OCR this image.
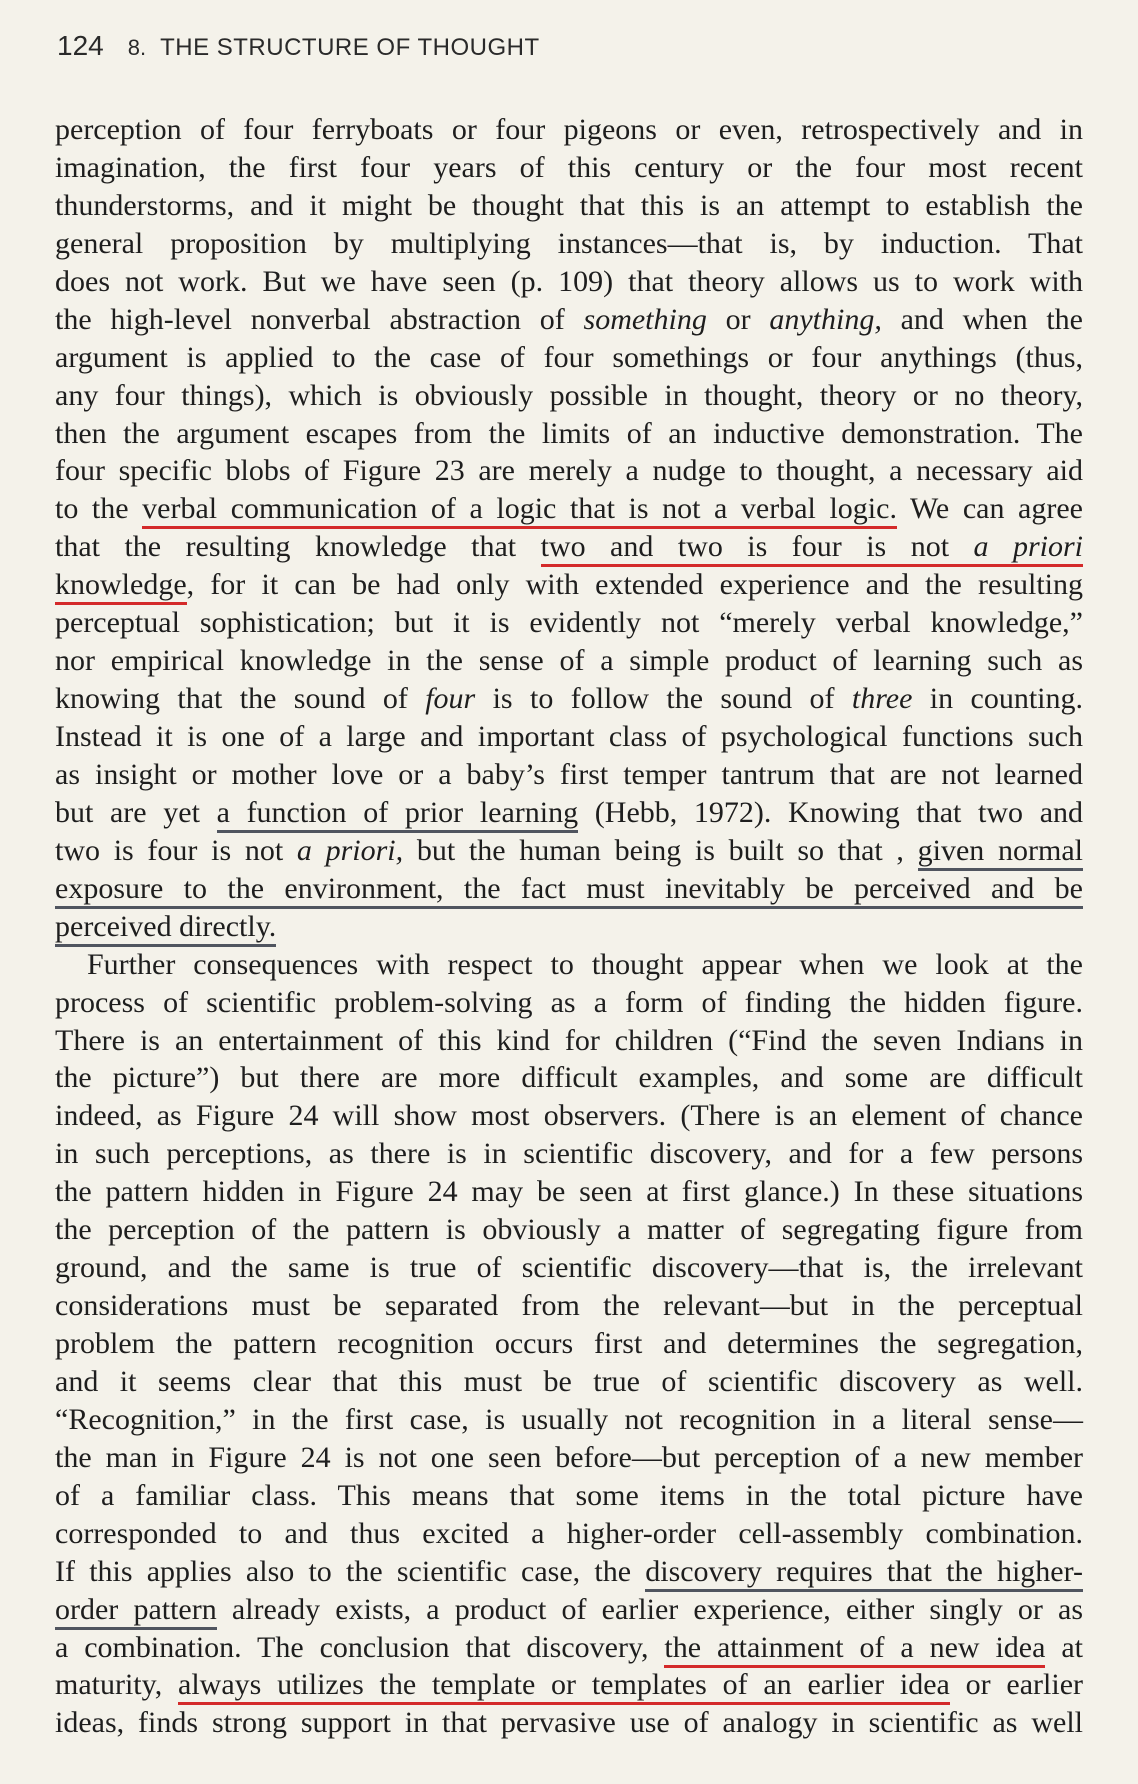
124 8. THE STRUCTURE OF THOUGHT
perception of four ferryboats or four pigeons or even, retrospectively and in
imagination, the first four years of this century or the four most recent
thunderstorms, and it might be thought that this is an attempt to establish the
general proposition by multiplying instances—that is, by induction. That
does not work. But we have seen (p. 109) that theory allows us to work with
the high-level nonverbal abstraction of something or anything, and when the
argument is applied to the case of four somethings or four anythings (thus,
any four things), which is obviously possible in thought, theory or no theory,
then the argument escapes from the limits of an inductive demonstration. The
four specific blobs of Figure 23 are merely a nudge to thought, a necessary aid
to the verbal communication of a logic that is not a verbal logic. We can agree
that the resulting knowledge that two and two is four is not a priori
knowledge, for it can be had only with extended experience and the resulting
perceptual sophistication; but it is evidently not “merely verbal knowledge,”
nor empirical knowledge in the sense of a simple product of learning such as
knowing that the sound of four is to follow the sound of three in counting.
Instead it is one of a large and important class of psychological functions such
as insight or mother love or a baby’s first temper tantrum that are not learned
but are yet a function of prior learning (Hebb, 1972). Knowing that two and
two is four is not a priori, but the human being is built so that , given normal
exposure to the environment, the fact must inevitably be perceived and be
perceived directly.
Further consequences with respect to thought appear when we look at the
process of scientific problem-solving as a form of finding the hidden figure.
There is an entertainment of this kind for children (“Find the seven Indians in
the picture”) but there are more difficult examples, and some are difficult
indeed, as Figure 24 will show most observers. (There is an element of chance
in such perceptions, as there is in scientific discovery, and for a few persons
the pattern hidden in Figure 24 may be seen at first glance.) In these situations
the perception of the pattern is obviously a matter of segregating figure from
ground, and the same is true of scientific discovery—that is, the irrelevant
considerations must be separated from the relevant—but in the perceptual
problem the pattern recognition occurs first and determines the segregation,
and it seems clear that this must be true of scientific discovery as well.
“Recognition,” in the first case, is usually not recognition in a literal sense—
the man in Figure 24 is not one seen before—but perception of a new member
of a familiar class. This means that some items in the total picture have
corresponded to and thus excited a higher-order cell-assembly combination.
If this applies also to the scientific case, the discovery requires that the higher-
order pattern already exists, a product of earlier experience, either singly or as
a combination. The conclusion that discovery, the attainment of a new idea at
maturity, always utilizes the template or templates of an earlier idea or earlier
ideas, finds strong support in that pervasive use of analogy in scientific as well
